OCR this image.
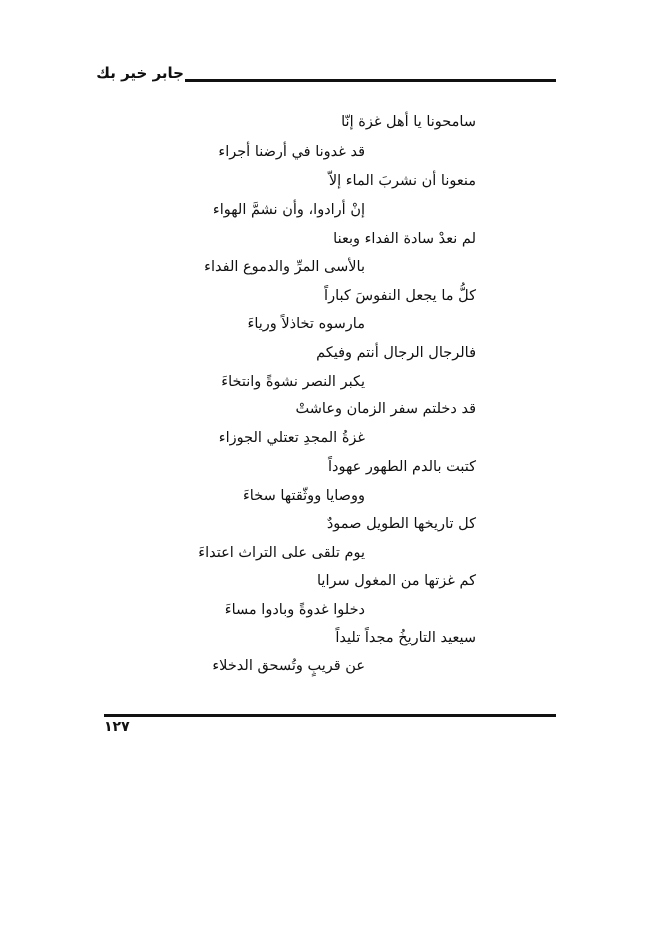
جابر خير بك
سامحونا يا أهل غزة إنّا
قد غدونا في أرضنا أجراء
منعونا أن نشربَ الماء إلاّ
إنْ أرادوا، وأن نشمَّ الهواء
لم نعدْ سادة الفداء وبعنا
بالأسى المرِّ والدموع الفداء
كلُّ ما يجعل النفوسَ كباراً
مارسوه تخاذلاً ورياءَ
فالرجال الرجال أنتم وفيكم
يكبر النصر نشوةً وانتخاءَ
قد دخلتم سفر الزمان وعاشتْ
غزةُ المجدِ تعتلي الجوزاء
كتبت بالدم الطهور عهوداً
ووصايا ووثّقتها سخاءَ
كل تاريخها الطويل صمودٌ
يوم تلقى على التراث اعتداءَ
كم غزتها من المغول سرايا
دخلوا غدوةً وبادوا مساءَ
سيعيد التاريخُ مجداً تليداً
عن قريبٍ وتُسحق الدخلاء
١٢٧
